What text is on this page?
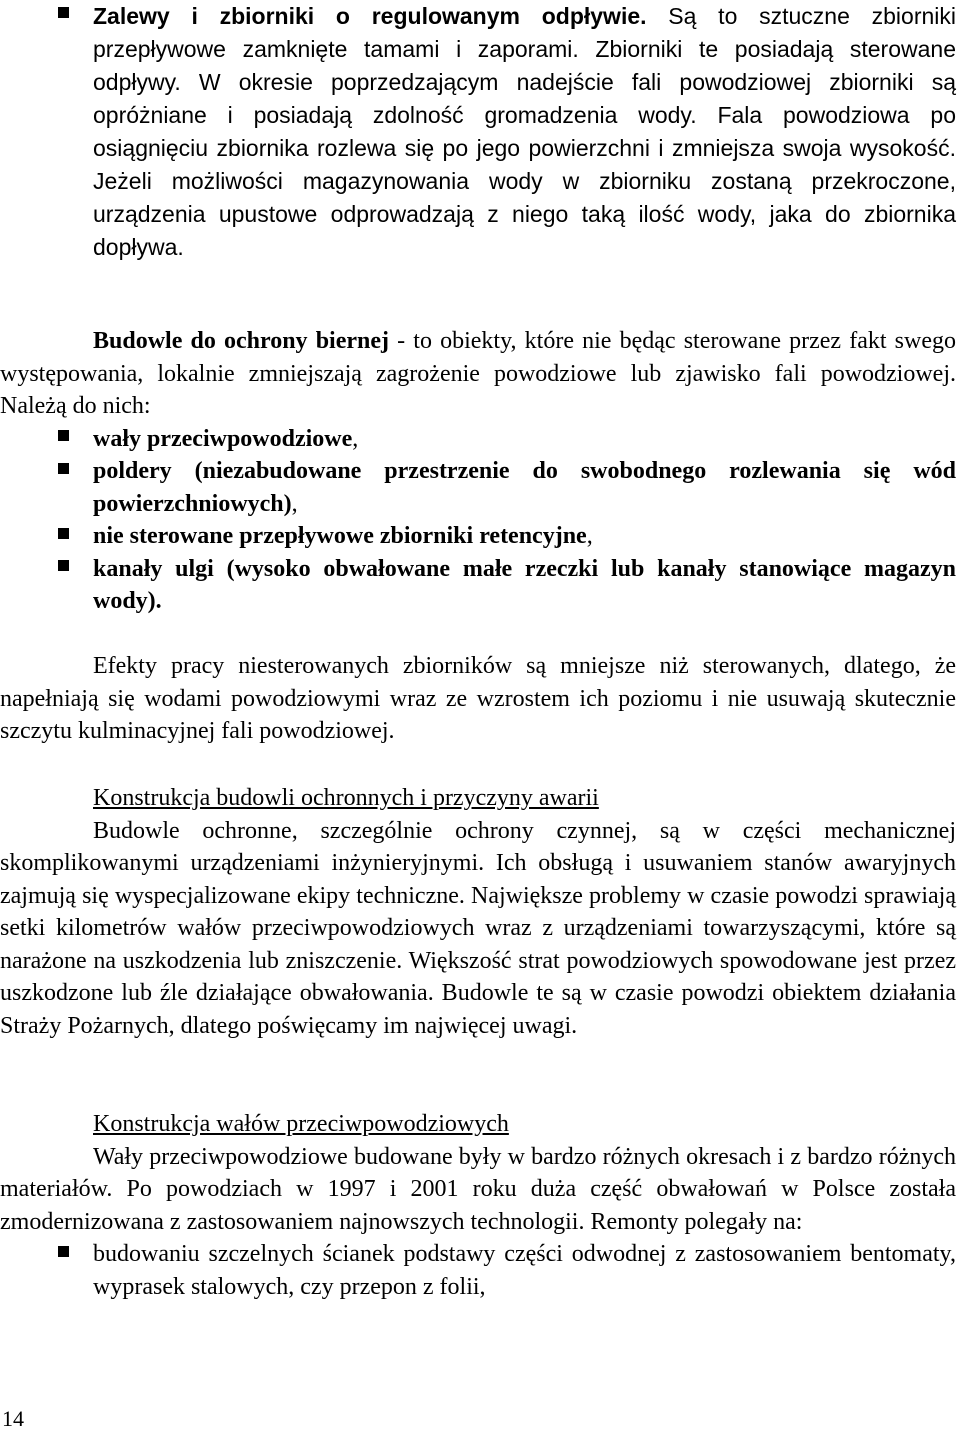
Zalewy i zbiorniki o regulowanym odpływie. Są to sztuczne zbiorniki przepływowe zamknięte tamami i zaporami. Zbiorniki te posiadają sterowane odpływy. W okresie poprzedzającym nadejście fali powodziowej zbiorniki są opróżniane i posiadają zdolność gromadzenia wody. Fala powodziowa po osiągnięciu zbiornika rozlewa się po jego powierzchni i zmniejsza swoja wysokość. Jeżeli możliwości magazynowania wody w zbiorniku zostaną przekroczone, urządzenia upustowe odprowadzają z niego taką ilość wody, jaka do zbiornika dopływa.

Budowle do ochrony biernej - to obiekty, które nie będąc sterowane przez fakt swego występowania, lokalnie zmniejszają zagrożenie powodziowe lub zjawisko fali powodziowej. Należą do nich:

wały przeciwpowodziowe,
poldery (niezabudowane przestrzenie do swobodnego rozlewania się wód powierzchniowych),
nie sterowane przepływowe zbiorniki retencyjne,
kanały ulgi (wysoko obwałowane małe rzeczki lub kanały stanowiące magazyn wody).

Efekty pracy niesterowanych zbiorników są mniejsze niż sterowanych, dlatego, że napełniają się wodami powodziowymi wraz ze wzrostem ich poziomu i nie usuwają skutecznie szczytu kulminacyjnej fali powodziowej.

Konstrukcja budowli ochronnych i przyczyny awarii

Budowle ochronne, szczególnie ochrony czynnej, są w części mechanicznej skomplikowanymi urządzeniami inżynieryjnymi. Ich obsługą i usuwaniem stanów awaryjnych zajmują się wyspecjalizowane ekipy techniczne. Największe problemy w czasie powodzi sprawiają setki kilometrów wałów przeciwpowodziowych wraz z urządzeniami towarzyszącymi, które są narażone na uszkodzenia lub zniszczenie. Większość strat powodziowych spowodowane jest przez uszkodzone lub źle działające obwałowania. Budowle te są w czasie powodzi obiektem działania Straży Pożarnych, dlatego poświęcamy im najwięcej uwagi.

Konstrukcja wałów przeciwpowodziowych

Wały przeciwpowodziowe budowane były w bardzo różnych okresach i z bardzo różnych materiałów. Po powodziach w 1997 i 2001 roku duża część obwałowań w Polsce została zmodernizowana z zastosowaniem najnowszych technologii. Remonty polegały na:

budowaniu szczelnych ścianek podstawy części odwodnej z zastosowaniem bentomaty, wyprasek stalowych, czy przepon z folii,
14
